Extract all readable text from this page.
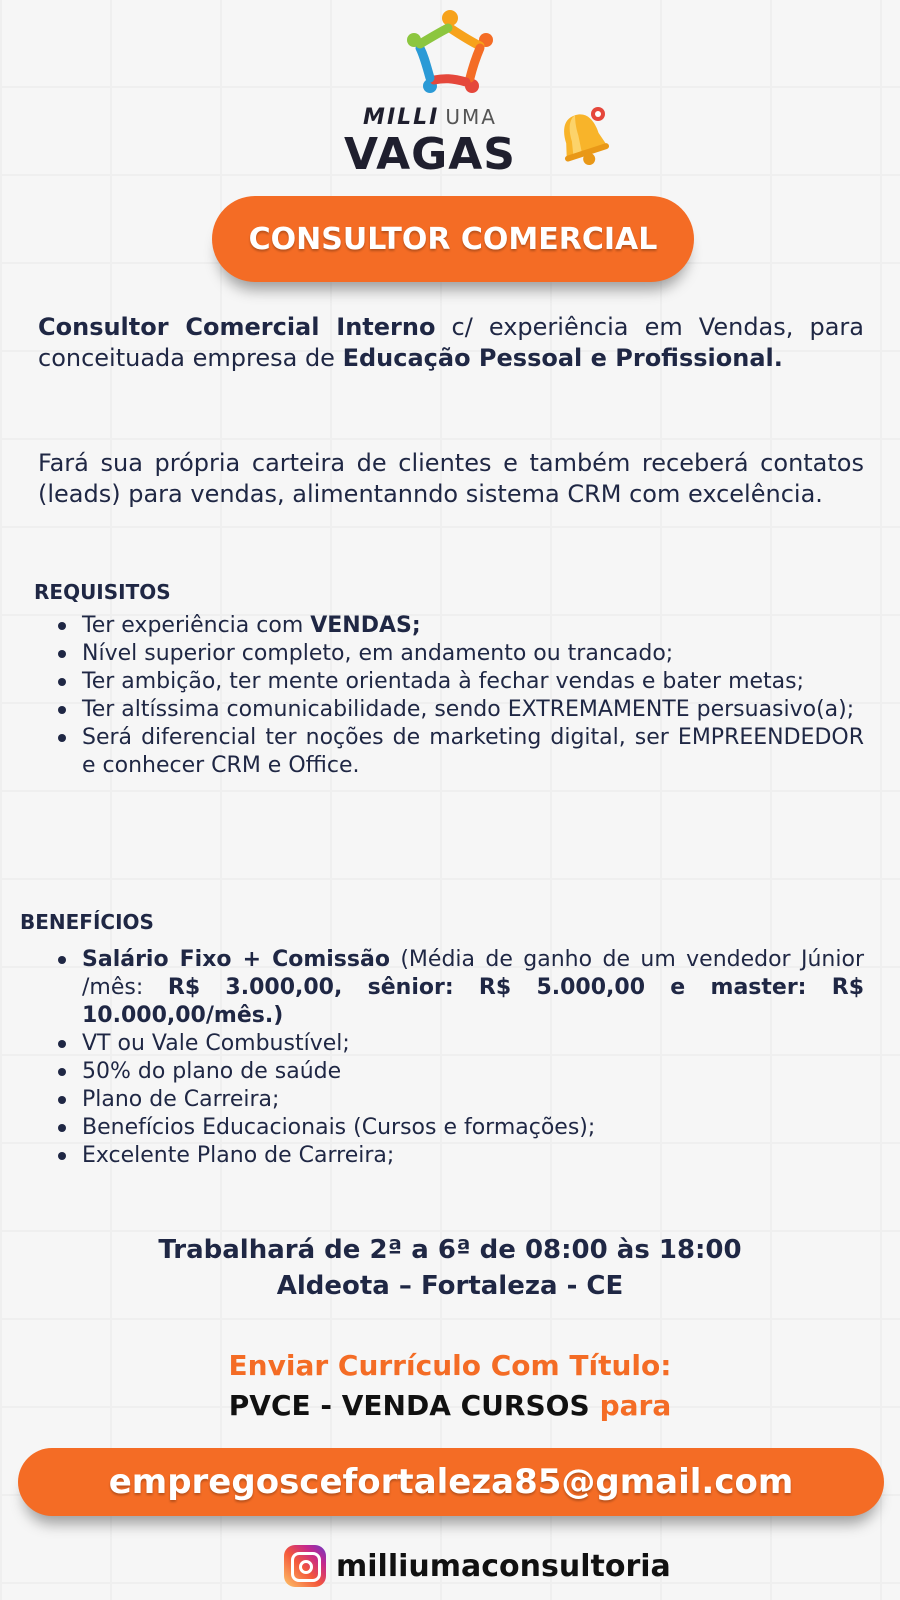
MILLI UMA
VAGAS
CONSULTOR COMERCIAL
Consultor Comercial Interno c/ experiência em Vendas, para conceituada empresa de Educação Pessoal e Profissional.
Fará sua própria carteira de clientes e também receberá contatos (leads) para vendas, alimentanndo sistema CRM com excelência.
REQUISITOS
Ter experiência com VENDAS;
Nível superior completo, em andamento ou trancado;
Ter ambição, ter mente orientada à fechar vendas e bater metas;
Ter altíssima comunicabilidade, sendo EXTREMAMENTE persuasivo(a);
Será diferencial ter noções de marketing digital, ser EMPREENDEDOR e conhecer CRM e Office.
BENEFÍCIOS
Salário Fixo + Comissão (Média de ganho de um vendedor Júnior /mês: R$ 3.000,00, sênior: R$ 5.000,00 e master: R$ 10.000,00/mês.)
VT ou Vale Combustível;
50% do plano de saúde
Plano de Carreira;
Benefícios Educacionais (Cursos e formações);
Excelente Plano de Carreira;
Trabalhará de 2ª a 6ª de 08:00 às 18:00
Aldeota – Fortaleza - CE
Enviar Currículo Com Título:
PVCE - VENDA CURSOS para
empregoscefortaleza85@gmail.com
milliumaconsultoria
